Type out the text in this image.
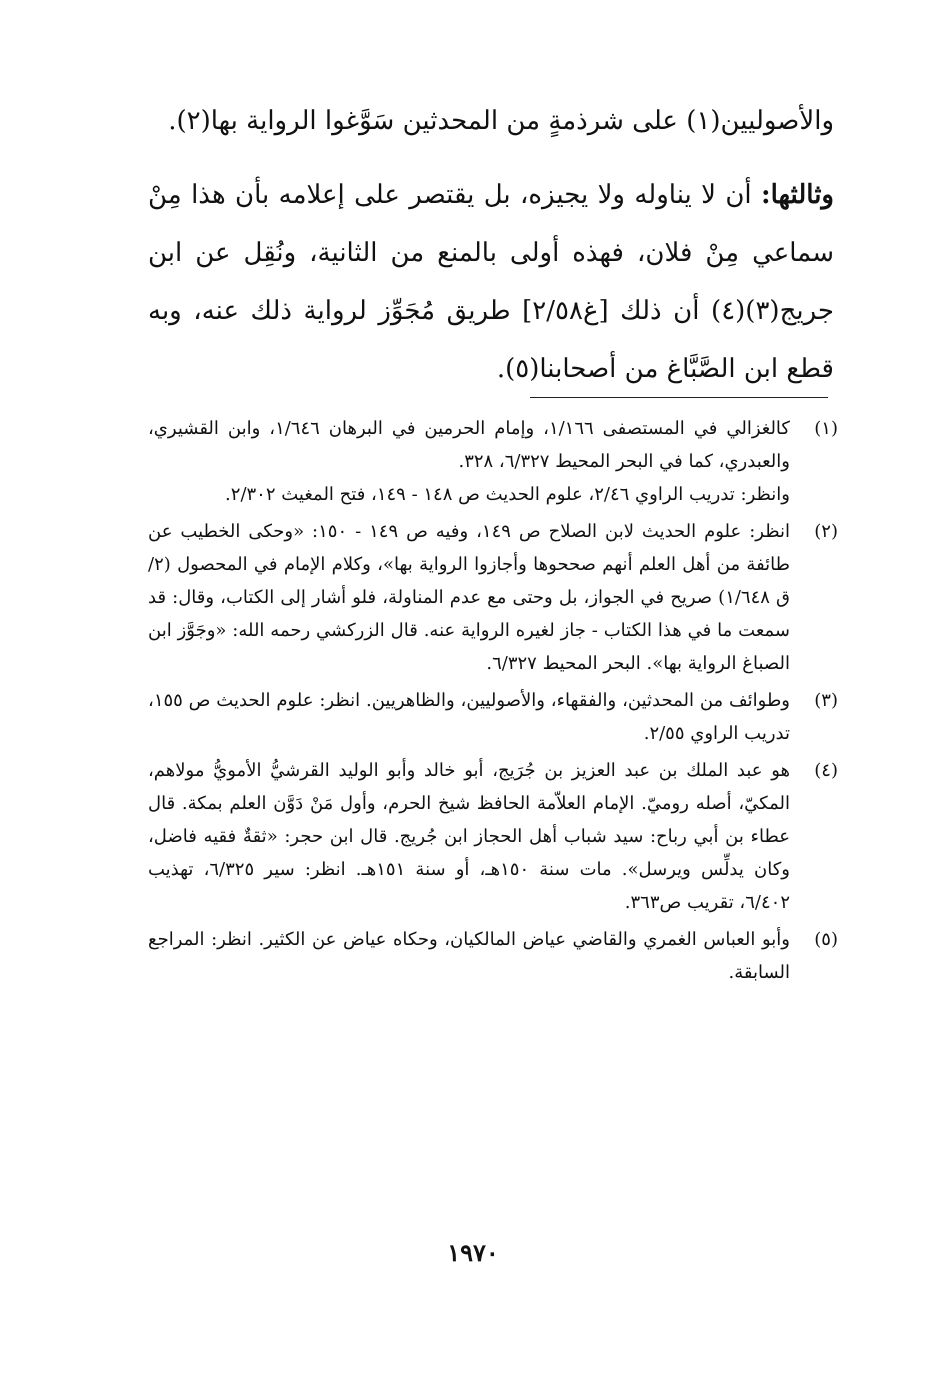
والأصوليين(١) على شرذمةٍ من المحدثين سَوَّغوا الرواية بها(٢).

وثالثها: أن لا يناوله ولا يجيزه، بل يقتصر على إعلامه بأن هذا مِنْ سماعي مِنْ فلان، فهذه أولى بالمنع من الثانية، ونُقِل عن ابن جريج(٣)(٤) أن ذلك [غ٢/٥٨] طريق مُجَوِّز لرواية ذلك عنه، وبه قطع ابن الصَّبَّاغ من أصحابنا(٥).

(١)

كالغزالي في المستصفى ١/١٦٦، وإمام الحرمين في البرهان ١/٦٤٦، وابن القشيري، والعبدري، كما في البحر المحيط ٦/٣٢٧، ٣٢٨.

وانظر: تدريب الراوي ٢/٤٦، علوم الحديث ص ١٤٨ - ١٤٩، فتح المغيث ٢/٣٠٢.

(٢)

انظر: علوم الحديث لابن الصلاح ص ١٤٩، وفيه ص ١٤٩ - ١٥٠: «وحكى الخطيب عن طائفة من أهل العلم أنهم صححوها وأجازوا الرواية بها»، وكلام الإمام في المحصول (٢/ق ١/٦٤٨) صريح في الجواز، بل وحتى مع عدم المناولة، فلو أشار إلى الكتاب، وقال: قد سمعت ما في هذا الكتاب - جاز لغيره الرواية عنه. قال الزركشي رحمه الله: «وجَوَّز ابن الصباغ الرواية بها». البحر المحيط ٦/٣٢٧.

(٣)

وطوائف من المحدثين، والفقهاء، والأصوليين، والظاهريين. انظر: علوم الحديث ص ١٥٥، تدريب الراوي ٢/٥٥.

(٤)

هو عبد الملك بن عبد العزيز بن جُرَيج، أبو خالد وأبو الوليد القرشيُّ الأمويُّ مولاهم، المكيّ، أصله روميّ. الإمام العلاّمة الحافظ شيخ الحرم، وأول مَنْ دَوَّن العلم بمكة. قال عطاء بن أبي رباح: سيد شباب أهل الحجاز ابن جُريج. قال ابن حجر: «ثقةٌ فقيه فاضل، وكان يدلِّس ويرسل». مات سنة ١٥٠هـ، أو سنة ١٥١هـ. انظر: سير ٦/٣٢٥، تهذيب ٦/٤٠٢، تقريب ص٣٦٣.

(٥)

وأبو العباس الغمري والقاضي عياض المالكيان، وحكاه عياض عن الكثير. انظر: المراجع السابقة.

١٩٧٠
